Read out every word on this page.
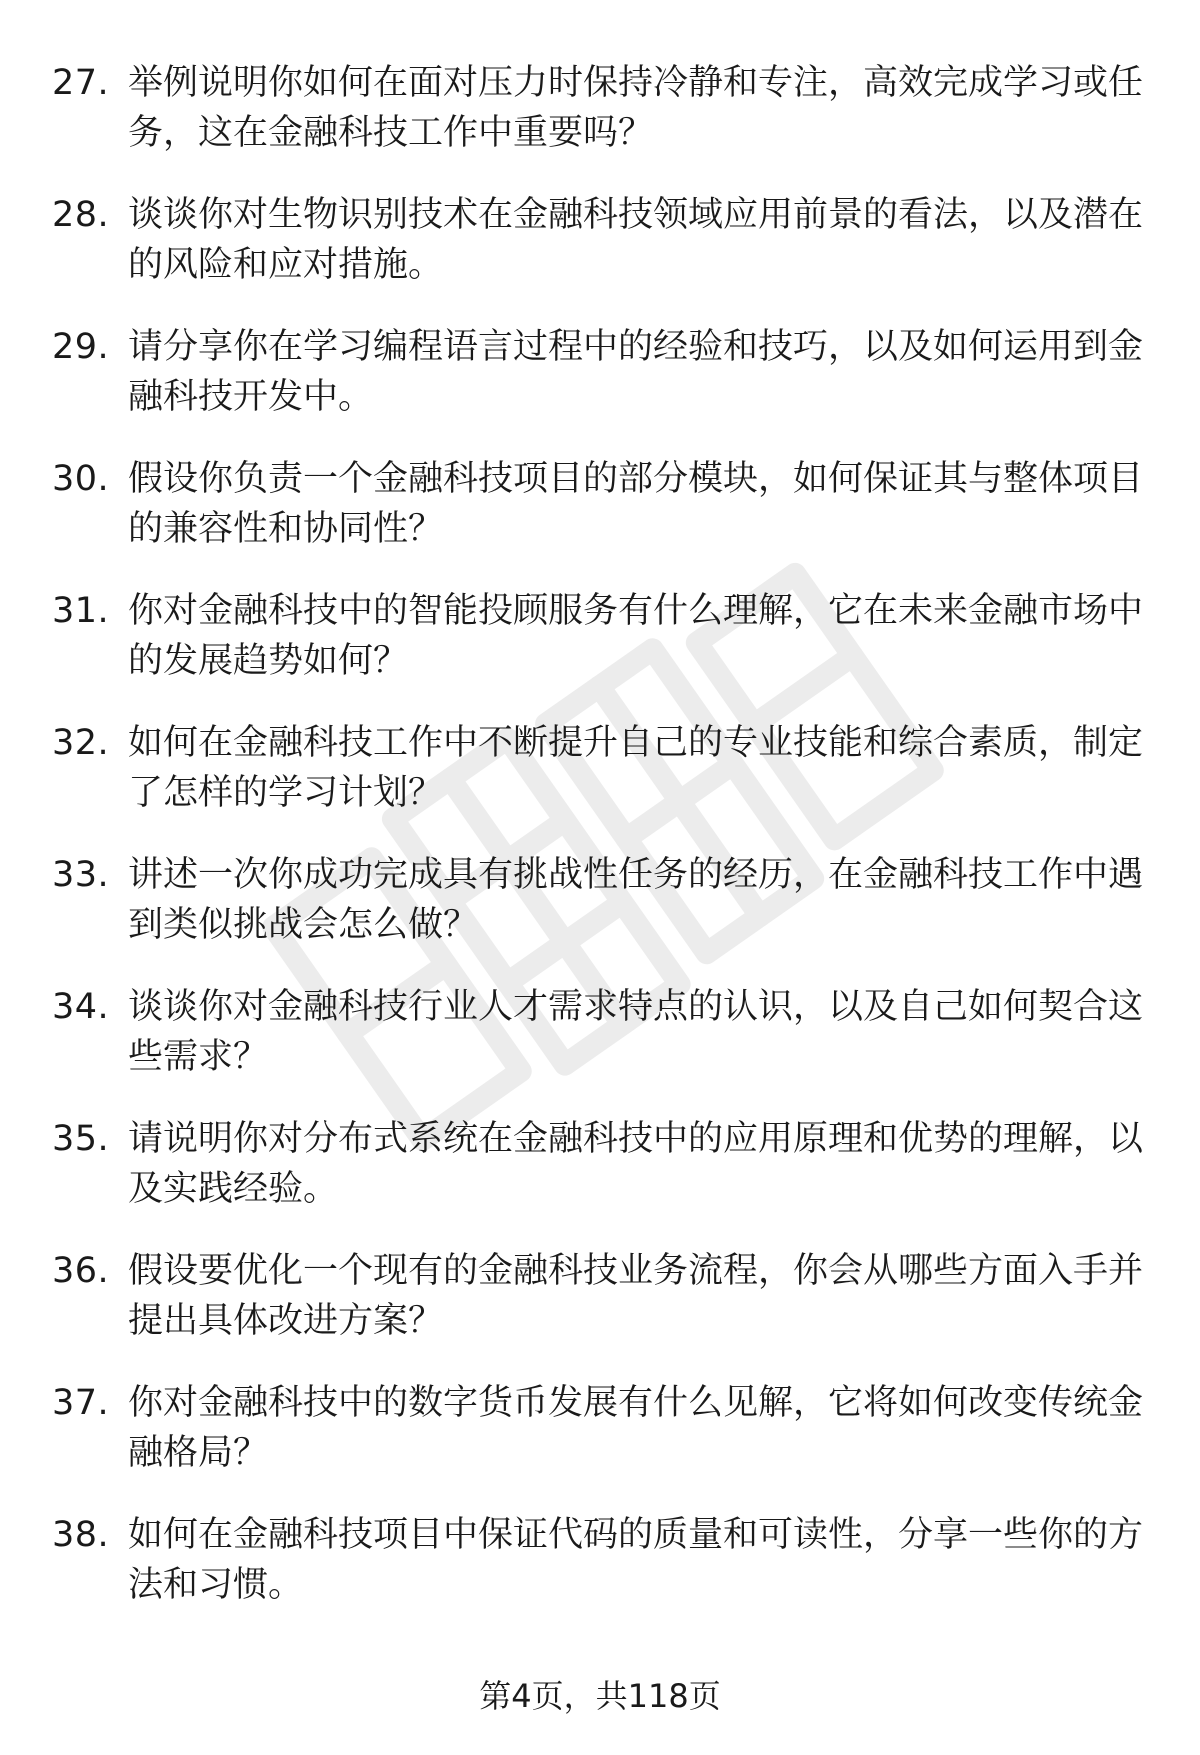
27. 举例说明你如何在面对压力时保持冷静和专注，高效完成学习或任务，这在金融科技工作中重要吗？
28. 谈谈你对生物识别技术在金融科技领域应用前景的看法，以及潜在的风险和应对措施。
29. 请分享你在学习编程语言过程中的经验和技巧，以及如何运用到金融科技开发中。
30. 假设你负责一个金融科技项目的部分模块，如何保证其与整体项目的兼容性和协同性？
31. 你对金融科技中的智能投顾服务有什么理解，它在未来金融市场中的发展趋势如何？
32. 如何在金融科技工作中不断提升自己的专业技能和综合素质，制定了怎样的学习计划？
33. 讲述一次你成功完成具有挑战性任务的经历，在金融科技工作中遇到类似挑战会怎么做？
34. 谈谈你对金融科技行业人才需求特点的认识，以及自己如何契合这些需求？
35. 请说明你对分布式系统在金融科技中的应用原理和优势的理解，以及实践经验。
36. 假设要优化一个现有的金融科技业务流程，你会从哪些方面入手并提出具体改进方案？
37. 你对金融科技中的数字货币发展有什么见解，它将如何改变传统金融格局？
38. 如何在金融科技项目中保证代码的质量和可读性，分享一些你的方法和习惯。
第4页，共118页
